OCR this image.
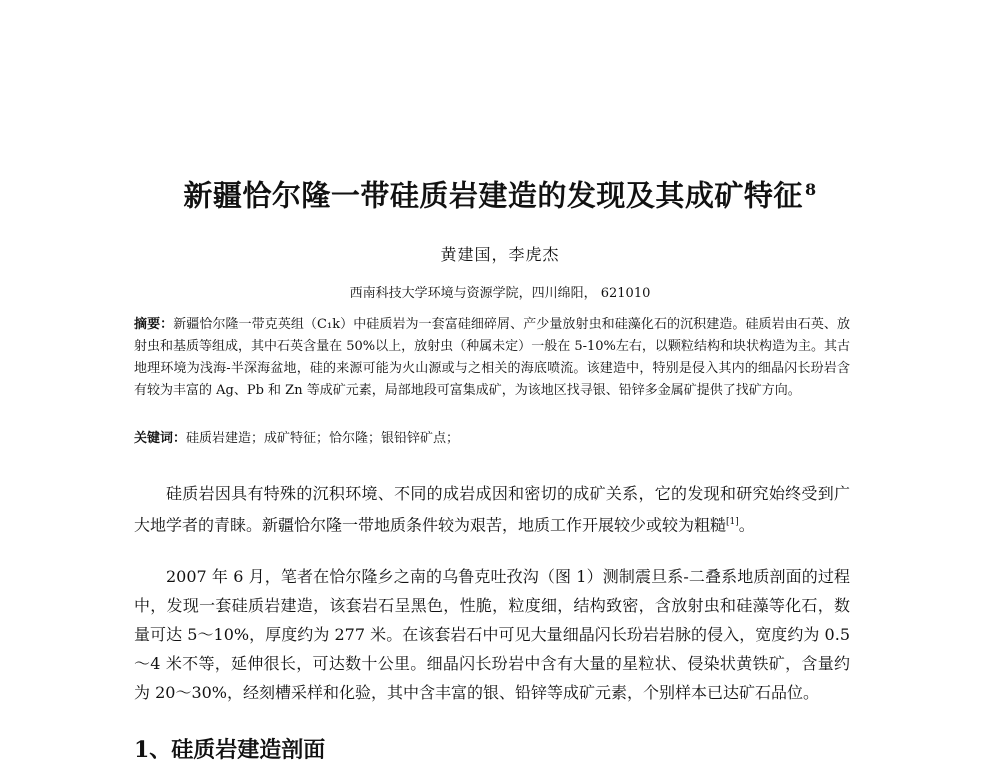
新疆恰尔隆一带硅质岩建造的发现及其成矿特征 $^8$
黄建国，李虎杰
西南科技大学环境与资源学院，四川绵阳， 621010
摘要：新疆恰尔隆一带克英组（C₁k）中硅质岩为一套富硅细碎屑、产少量放射虫和硅藻化石的沉积建造。硅质岩由石英、放射虫和基质等组成，其中石英含量在 50%以上，放射虫（种属未定）一般在 5-10%左右，以颗粒结构和块状构造为主。其古地理环境为浅海-半深海盆地，硅的来源可能为火山源或与之相关的海底喷流。该建造中，特别是侵入其内的细晶闪长玢岩含有较为丰富的 Ag、Pb 和 Zn 等成矿元素，局部地段可富集成矿，为该地区找寻银、铅锌多金属矿提供了找矿方向。
关键词：硅质岩建造；成矿特征；恰尔隆；银铅锌矿点；
硅质岩因具有特殊的沉积环境、不同的成岩成因和密切的成矿关系，它的发现和研究始终受到广大地学者的青睐。新疆恰尔隆一带地质条件较为艰苦，地质工作开展较少或较为粗糙[1]。
2007 年 6 月，笔者在恰尔隆乡之南的乌鲁克吐孜沟（图 1）测制震旦系-二叠系地质剖面的过程中，发现一套硅质岩建造，该套岩石呈黑色，性脆，粒度细，结构致密，含放射虫和硅藻等化石，数量可达 5～10%，厚度约为 277 米。在该套岩石中可见大量细晶闪长玢岩岩脉的侵入，宽度约为 0.5～4 米不等，延伸很长，可达数十公里。细晶闪长玢岩中含有大量的星粒状、侵染状黄铁矿，含量约为 20～30%，经刻槽采样和化验，其中含丰富的银、铅锌等成矿元素，个别样本已达矿石品位。
1、硅质岩建造剖面
